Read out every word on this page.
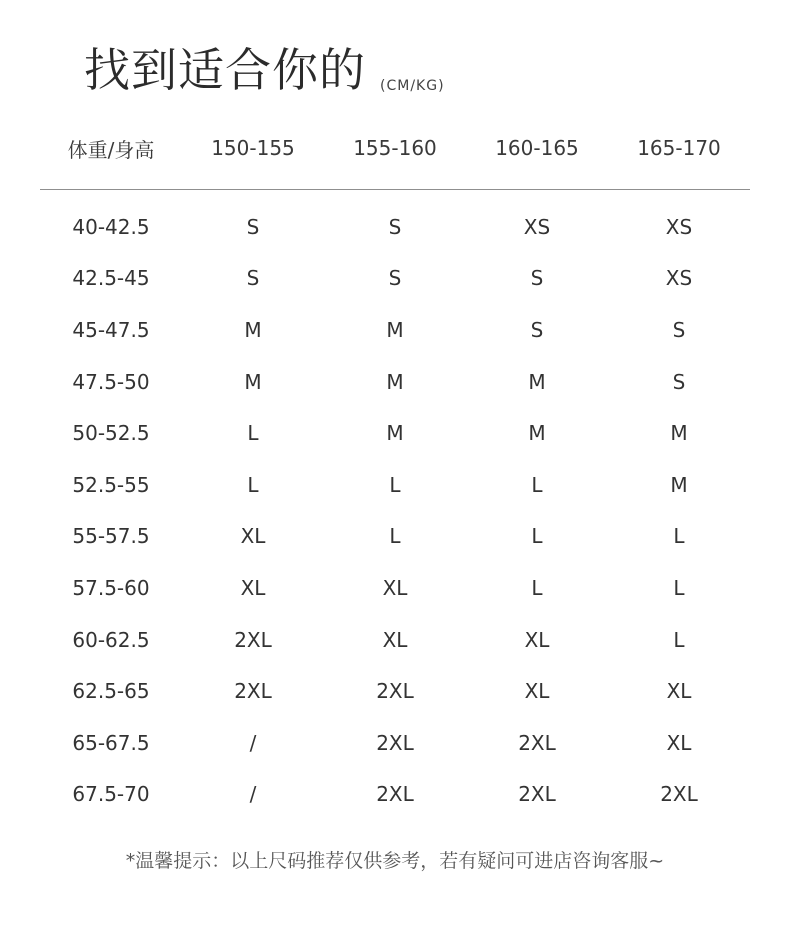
找到适合你的 (CM/KG)
体重/身高	150-155	155-160	160-165	165-170
40-42.5	S	S	XS	XS
42.5-45	S	S	S	XS
45-47.5	M	M	S	S
47.5-50	M	M	M	S
50-52.5	L	M	M	M
52.5-55	L	L	L	M
55-57.5	XL	L	L	L
57.5-60	XL	XL	L	L
60-62.5	2XL	XL	XL	L
62.5-65	2XL	2XL	XL	XL
65-67.5	/	2XL	2XL	XL
67.5-70	/	2XL	2XL	2XL
*温馨提示：以上尺码推荐仅供参考，若有疑问可进店咨询客服~
